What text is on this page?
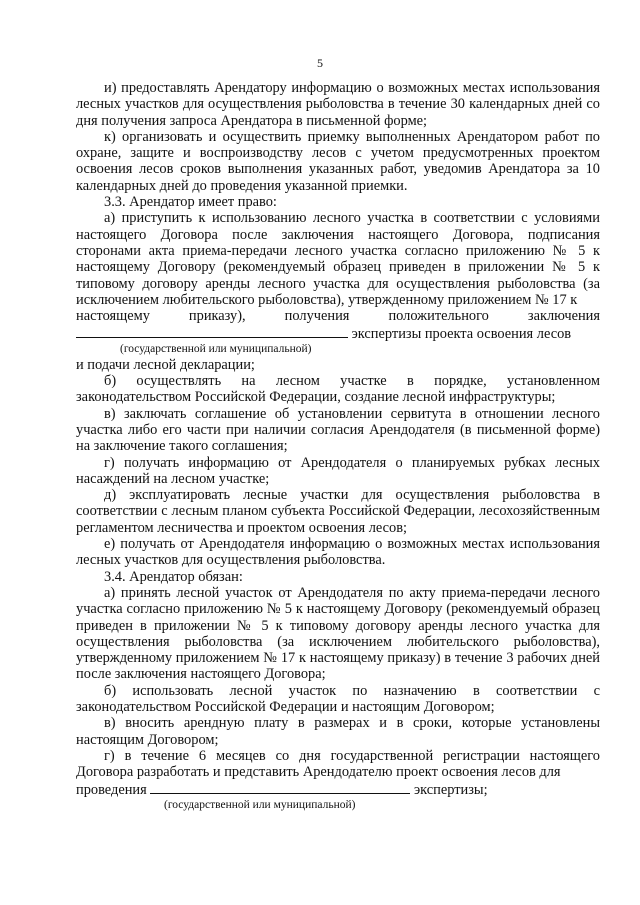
5

и) предоставлять Арендатору информацию о возможных местах использования лесных участков для осуществления рыболовства в течение 30 календарных дней со дня получения запроса Арендатора в письменной форме;

к) организовать и осуществить приемку выполненных Арендатором работ по охране, защите и воспроизводству лесов с учетом предусмотренных проектом освоения лесов сроков выполнения указанных работ, уведомив Арендатора за 10 календарных дней до проведения указанной приемки.

3.3. Арендатор имеет право:

а) приступить к использованию лесного участка в соответствии с условиями настоящего Договора после заключения настоящего Договора, подписания сторонами акта приема-передачи лесного участка согласно приложению № 5 к настоящему Договору (рекомендуемый образец приведен в приложении № 5 к типовому договору аренды лесного участка для осуществления рыболовства (за исключением любительского рыболовства), утвержденному приложением № 17 к

настоящему приказу), получения положительного заключения

экспертизы проекта освоения лесов

(государственной или муниципальной)

и подачи лесной декларации;

б) осуществлять на лесном участке в порядке, установленном законодательством Российской Федерации, создание лесной инфраструктуры;

в) заключать соглашение об установлении сервитута в отношении лесного участка либо его части при наличии согласия Арендодателя (в письменной форме) на заключение такого соглашения;

г) получать информацию от Арендодателя о планируемых рубках лесных насаждений на лесном участке;

д) эксплуатировать лесные участки для осуществления рыболовства в соответствии с лесным планом субъекта Российской Федерации, лесохозяйственным регламентом лесничества и проектом освоения лесов;

е) получать от Арендодателя информацию о возможных местах использования лесных участков для осуществления рыболовства.

3.4. Арендатор обязан:

а) принять лесной участок от Арендодателя по акту приема-передачи лесного участка согласно приложению № 5 к настоящему Договору (рекомендуемый образец приведен в приложении № 5 к типовому договору аренды лесного участка для осуществления рыболовства (за исключением любительского рыболовства), утвержденному приложением № 17 к настоящему приказу) в течение 3 рабочих дней после заключения настоящего Договора;

б) использовать лесной участок по назначению в соответствии с законодательством Российской Федерации и настоящим Договором;

в) вносить арендную плату в размерах и в сроки, которые установлены настоящим Договором;

г) в течение 6 месяцев со дня государственной регистрации настоящего Договора разработать и представить Арендодателю проект освоения лесов для

проведения	экспертизы;

(государственной или муниципальной)
